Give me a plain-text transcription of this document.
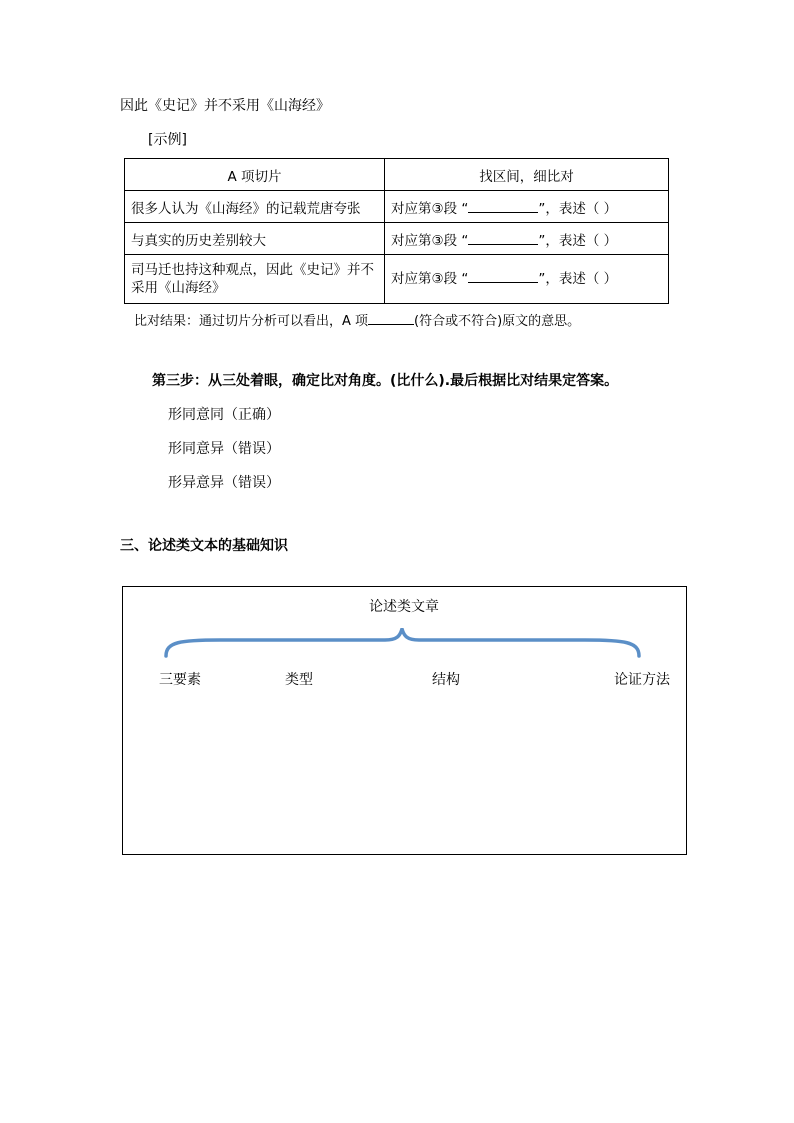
因此《史记》并不采用《山海经》
[示例]
A 项切片	找区间，细比对
很多人认为《山海经》的记载荒唐夸张	对应第③段 “ ”，表述（ ）
与真实的历史差别较大	对应第③段 “ ”，表述（ ）
司马迁也持这种观点，因此《史记》并不采用《山海经》	对应第③段 “ ”，表述（ ）
比对结果：通过切片分析可以看出，A 项	(符合或不符合)原文的意思。
第三步：从三处着眼，确定比对角度。(比什么).最后根据比对结果定答案。
形同意同（正确）
形同意异（错误）
形异意异（错误）
三、论述类文本的基础知识
论述类文章
三要素	类型	结构	论证方法
